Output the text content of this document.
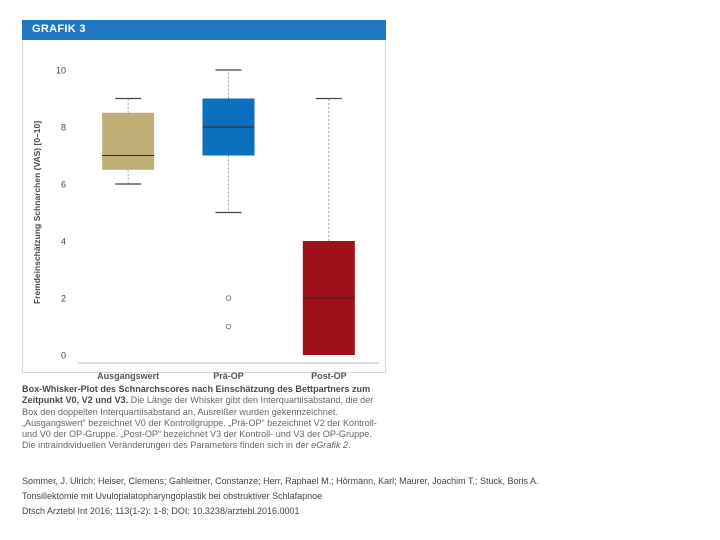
GRAFIK 3
Fremdeinschätzung Schnarchen (VAS) [0–10]
0
2
4
6
8
10
Ausgangswert	Prä-OP	Post-OP
Box-Whisker-Plot des Schnarchscores nach Einschätzung des Bettpartners zum Zeitpunkt V0, V2 und V3. Die Länge der Whisker gibt den Interquartilsabstand, die der Box den doppelten Interquartilsabstand an, Ausreißer wurden gekennzeichnet. „Ausgangswert“ bezeichnet V0 der Kontrollgruppe. „Prä-OP“ bezeichnet V2 der Kontroll- und V0 der OP-Gruppe. „Post-OP“ bezeichnet V3 der Kontroll- und V3 der OP-Gruppe. Die intraindividuellen Veränderungen des Parameters finden sich in der eGrafik 2.
Sommer, J. Ulrich; Heiser, Clemens; Gahleitner, Constanze; Herr, Raphael M.; Hörmann, Karl; Maurer, Joachim T.; Stuck, Boris A.
Tonsillektomie mit Uvulopalatopharyngoplastik bei obstruktiver Schlafapnoe
Dtsch Arztebl Int 2016; 113(1-2): 1-8; DOI: 10.3238/arztebl.2016.0001
